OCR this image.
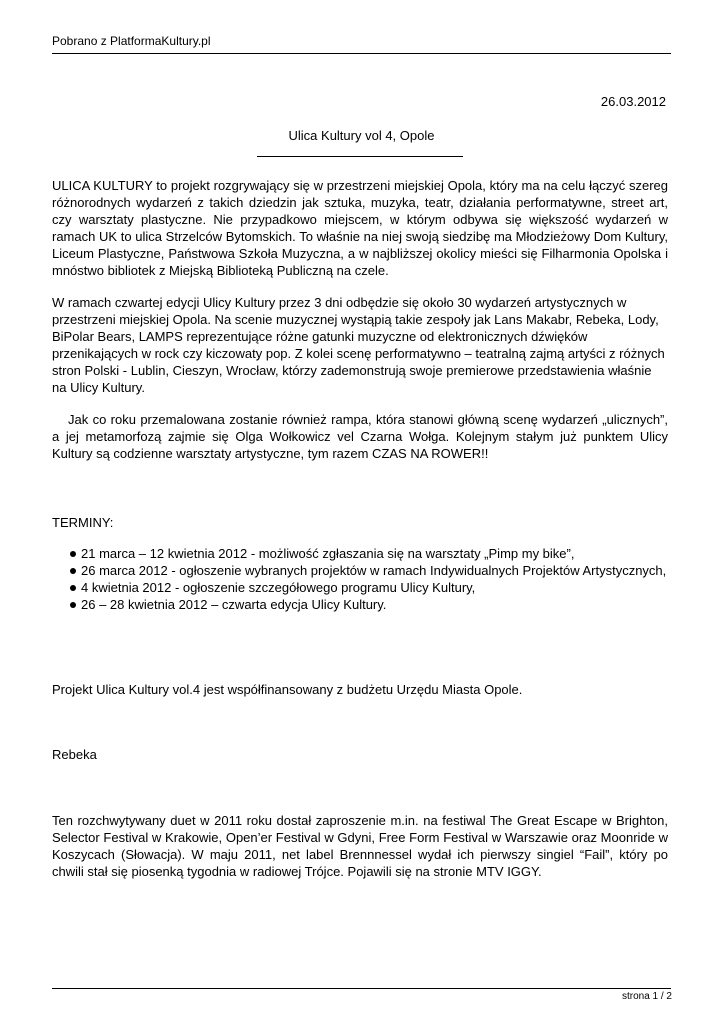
Pobrano z PlatformaKultury.pl
26.03.2012
Ulica Kultury vol 4, Opole

ULICA KULTURY to projekt rozgrywający się w przestrzeni miejskiej Opola, który ma na celu łączyć szereg różnorodnych wydarzeń z takich dziedzin jak sztuka, muzyka, teatr, działania performatywne, street art, czy warsztaty plastyczne. Nie przypadkowo miejscem, w którym odbywa się większość wydarzeń w ramach UK to ulica Strzelców Bytomskich. To właśnie na niej swoją siedzibę ma Młodzieżowy Dom Kultury, Liceum Plastyczne, Państwowa Szkoła Muzyczna, a w najbliższej okolicy mieści się Filharmonia Opolska i mnóstwo bibliotek z Miejską Biblioteką Publiczną na czele.

W ramach czwartej edycji Ulicy Kultury przez 3 dni odbędzie się około 30 wydarzeń artystycznych w przestrzeni miejskiej Opola. Na scenie muzycznej wystąpią takie zespoły jak Lans Makabr, Rebeka, Lody, BiPolar Bears, LAMPS reprezentujące różne gatunki muzyczne od elektronicznych dźwięków przenikających w rock czy kiczowaty pop. Z kolei scenę performatywno – teatralną zajmą artyści z różnych stron Polski - Lublin, Cieszyn, Wrocław, którzy zademonstrują swoje premierowe przedstawienia właśnie na Ulicy Kultury.

Jak co roku przemalowana zostanie również rampa, która stanowi główną scenę wydarzeń „ulicznych”, a jej metamorfozą zajmie się Olga Wołkowicz vel Czarna Wołga. Kolejnym stałym już punktem Ulicy Kultury są codzienne warsztaty artystyczne, tym razem CZAS NA ROWER!!

TERMINY:

21 marca – 12 kwietnia 2012 - możliwość zgłaszania się na warsztaty „Pimp my bike”,
26 marca 2012 - ogłoszenie wybranych projektów w ramach Indywidualnych Projektów Artystycznych,
4 kwietnia 2012 - ogłoszenie szczegółowego programu Ulicy Kultury,
26 – 28 kwietnia 2012 – czwarta edycja Ulicy Kultury.

Projekt Ulica Kultury vol.4 jest współfinansowany z budżetu Urzędu Miasta Opole.

Rebeka

Ten rozchwytywany duet w 2011 roku dostał zaproszenie m.in. na festiwal The Great Escape w Brighton, Selector Festival w Krakowie, Open’er Festival w Gdyni, Free Form Festival w Warszawie oraz Moonride w Koszycach (Słowacja). W maju 2011, net label Brennnessel wydał ich pierwszy singiel “Fail”, który po chwili stał się piosenką tygodnia w radiowej Trójce. Pojawili się na stronie MTV IGGY.

strona 1 / 2
